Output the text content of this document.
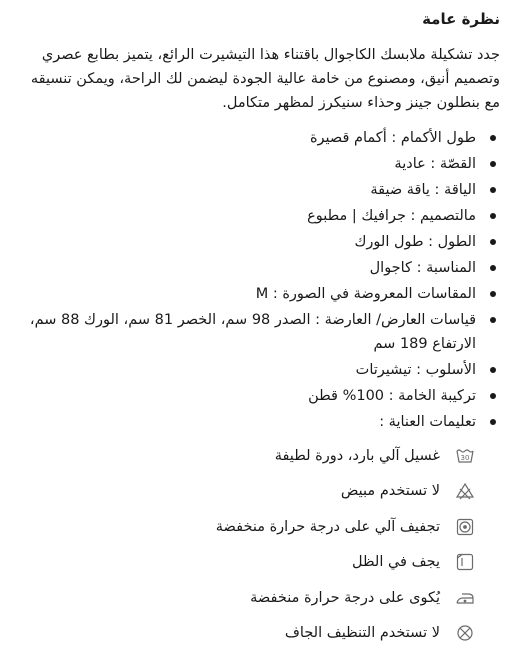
نظرة عامة

جدد تشكيلة ملابسك الكاجوال باقتناء هذا التيشيرت الرائع، يتميز بطابع عصري وتصميم أنيق، ومصنوع من خامة عالية الجودة ليضمن لك الراحة، ويمكن تنسيقه مع بنطلون جينز وحذاء سنيكرز لمظهر متكامل.

طول الأكمام : أكمام قصيرة
القصّة : عادية
الياقة : ياقة ضيقة
مالتصميم : جرافيك | مطبوع
الطول : طول الورك
المناسبة : كاجوال
المقاسات المعروضة في الصورة : M
قياسات العارض/ العارضة : الصدر 98 سم، الخصر 81 سم، الورك 88 سم، الارتفاع 189 سم
الأسلوب : تيشيرتات
تركيبة الخامة : 100% قطن
تعليمات العناية :
30
غسيل آلي بارد، دورة لطيفة
لا تستخدم مبيض
تجفيف آلي على درجة حرارة منخفضة
يجف في الظل
يُكوى على درجة حرارة منخفضة
لا تستخدم التنظيف الجاف
